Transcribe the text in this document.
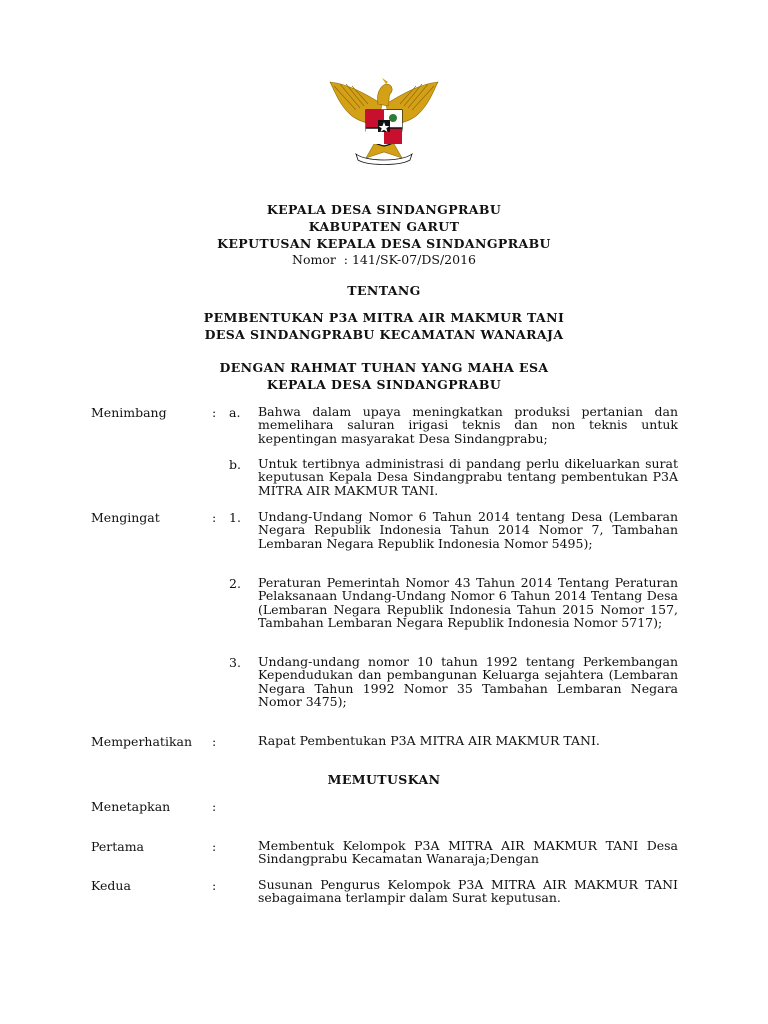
KEPALA DESA SINDANGPRABU
KABUPATEN GARUT
KEPUTUSAN KEPALA DESA SINDANGPRABU
Nomor : 141/SK-07/DS/2016
TENTANG
PEMBENTUKAN P3A MITRA AIR MAKMUR TANI
DESA SINDANGPRABU KECAMATAN WANARAJA
DENGAN RAHMAT TUHAN YANG MAHA ESA
KEPALA DESA SINDANGPRABU
Menimbang	: a. Bahwa dalam upaya meningkatkan produksi pertanian dan memelihara saluran irigasi teknis dan non teknis untuk kepentingan masyarakat Desa Sindangprabu;
b. Untuk tertibnya administrasi di pandang perlu dikeluarkan surat keputusan Kepala Desa Sindangprabu tentang pembentukan P3A MITRA AIR MAKMUR TANI.
Mengingat	: 1. Undang-Undang Nomor 6 Tahun 2014 tentang Desa (Lembaran Negara Republik Indonesia Tahun 2014 Nomor 7, Tambahan Lembaran Negara Republik Indonesia Nomor 5495);
2. Peraturan Pemerintah Nomor 43 Tahun 2014 Tentang Peraturan Pelaksanaan Undang-Undang Nomor 6 Tahun 2014 Tentang Desa (Lembaran Negara Republik Indonesia Tahun 2015 Nomor 157, Tambahan Lembaran Negara Republik Indonesia Nomor 5717);
3. Undang-undang nomor 10 tahun 1992 tentang Perkembangan Kependudukan dan pembangunan Keluarga sejahtera (Lembaran Negara Tahun 1992 Nomor 35 Tambahan Lembaran Negara Nomor 3475);
Memperhatikan :	Rapat Pembentukan P3A MITRA AIR MAKMUR TANI.
MEMUTUSKAN
Menetapkan	:
Pertama	:	Membentuk Kelompok P3A MITRA AIR MAKMUR TANI Desa Sindangprabu Kecamatan Wanaraja;Dengan
Kedua	:	Susunan Pengurus Kelompok P3A MITRA AIR MAKMUR TANI sebagaimana terlampir dalam Surat keputusan.
